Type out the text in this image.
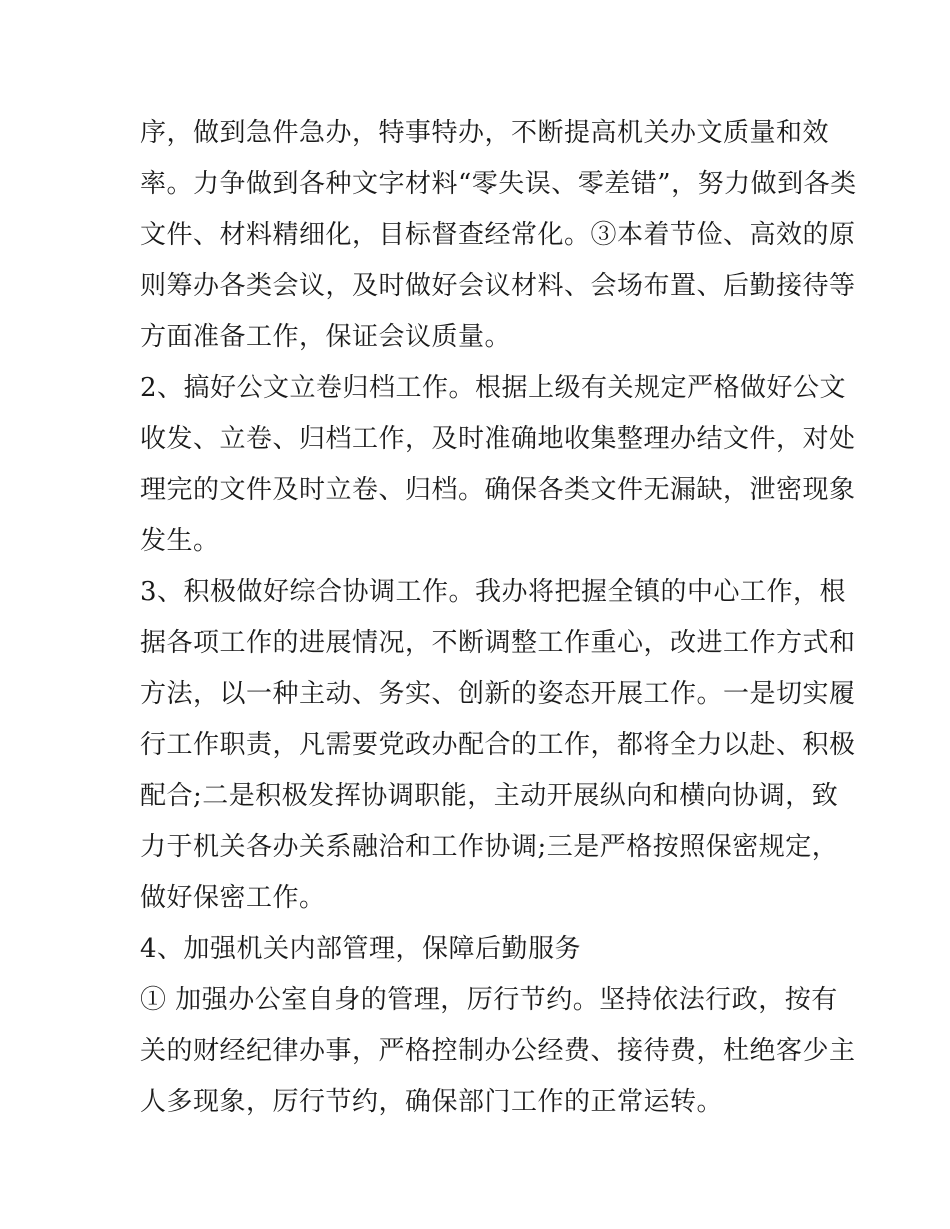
序，做到急件急办，特事特办，不断提高机关办文质量和效
率。力争做到各种文字材料“零失误、零差错”，努力做到各类
文件、材料精细化，目标督查经常化。③本着节俭、高效的原
则筹办各类会议，及时做好会议材料、会场布置、后勤接待等
方面准备工作，保证会议质量。
2、搞好公文立卷归档工作。根据上级有关规定严格做好公文
收发、立卷、归档工作，及时准确地收集整理办结文件，对处
理完的文件及时立卷、归档。确保各类文件无漏缺，泄密现象
发生。
3、积极做好综合协调工作。我办将把握全镇的中心工作，根
据各项工作的进展情况，不断调整工作重心，改进工作方式和
方法，以一种主动、务实、创新的姿态开展工作。一是切实履
行工作职责，凡需要党政办配合的工作，都将全力以赴、积极
配合;二是积极发挥协调职能，主动开展纵向和横向协调，致
力于机关各办关系融洽和工作协调;三是严格按照保密规定，
做好保密工作。
4、加强机关内部管理，保障后勤服务
① 加强办公室自身的管理，厉行节约。坚持依法行政，按有
关的财经纪律办事，严格控制办公经费、接待费，杜绝客少主
人多现象，厉行节约，确保部门工作的正常运转。
